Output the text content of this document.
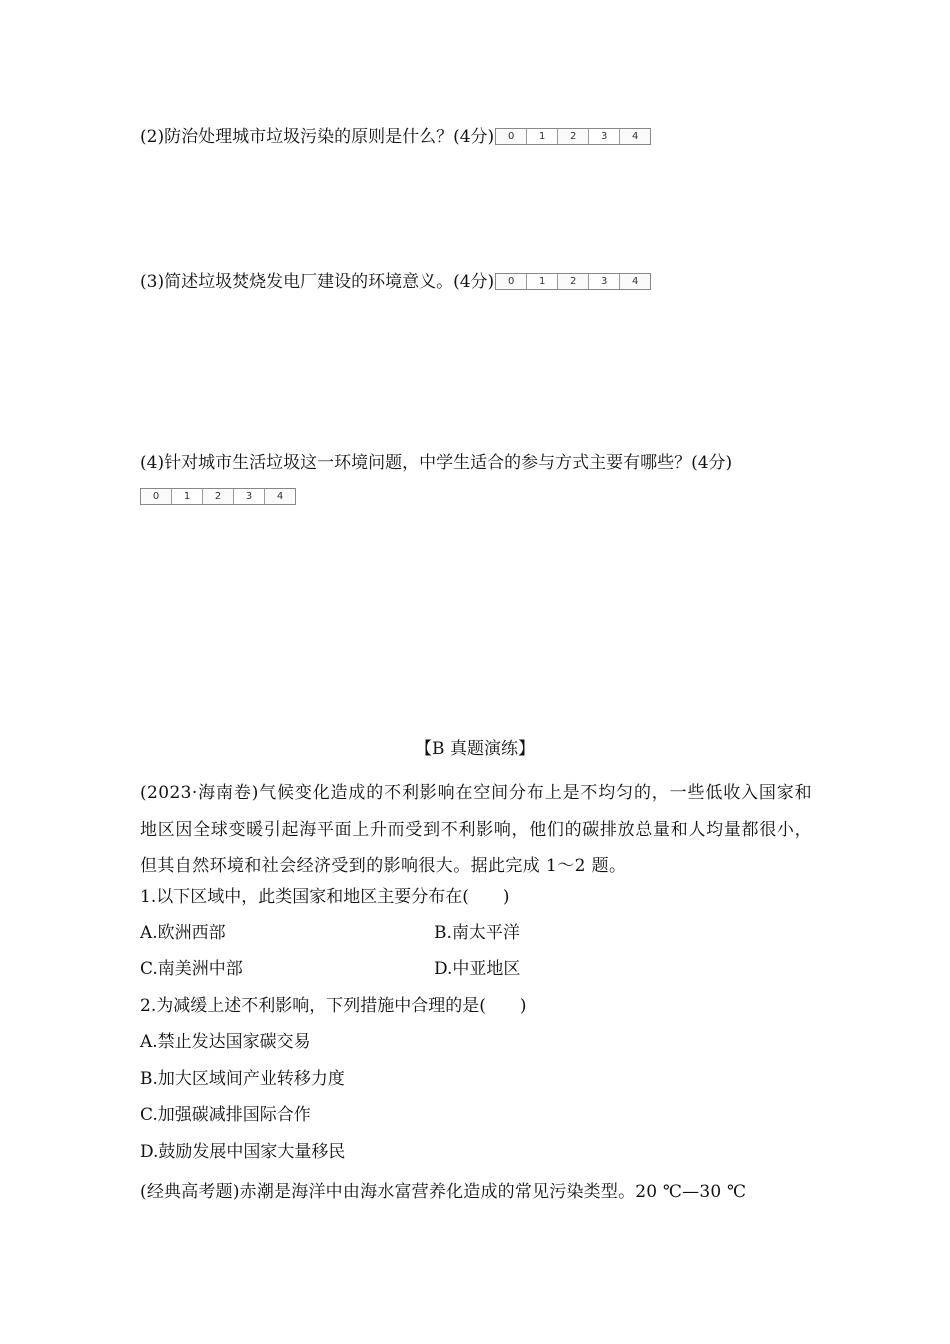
(2)防治处理城市垃圾污染的原则是什么？(4分)	0	1	2	3	4
(3)简述垃圾焚烧发电厂建设的环境意义。(4分)	0	1	2	3	4
(4)针对城市生活垃圾这一环境问题，中学生适合的参与方式主要有哪些？(4分)
0	1	2	3	4
【B 真题演练】
(2023·海南卷)气候变化造成的不利影响在空间分布上是不均匀的，一些低收入国家和地区因全球变暖引起海平面上升而受到不利影响，他们的碳排放总量和人均量都很小，但其自然环境和社会经济受到的影响很大。据此完成 1～2 题。
1.以下区域中，此类国家和地区主要分布在(　　)
A.欧洲西部	B.南太平洋
C.南美洲中部	D.中亚地区
2.为减缓上述不利影响，下列措施中合理的是(　　)
A.禁止发达国家碳交易
B.加大区域间产业转移力度
C.加强碳减排国际合作
D.鼓励发展中国家大量移民
(经典高考题)赤潮是海洋中由海水富营养化造成的常见污染类型。20 ℃—30 ℃
